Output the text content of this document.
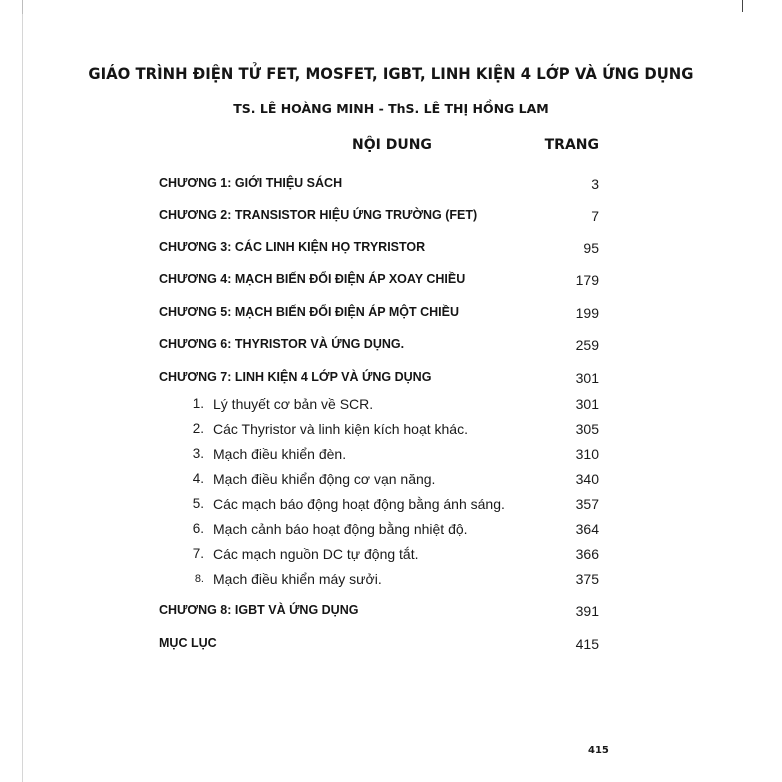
GIÁO TRÌNH ĐIỆN TỬ FET, MOSFET, IGBT, LINH KIỆN 4 LỚP VÀ ỨNG DỤNG
TS. LÊ HOÀNG MINH - ThS. LÊ THỊ HỒNG LAM
NỘI DUNG	TRANG
CHƯƠNG 1: GIỚI THIỆU SÁCH	3
CHƯƠNG 2: TRANSISTOR HIỆU ỨNG TRƯỜNG (FET)	7
CHƯƠNG 3: CÁC LINH KIỆN HỌ TRYRISTOR	95
CHƯƠNG 4: MẠCH BIẾN ĐỔI ĐIỆN ÁP XOAY CHIỀU	179
CHƯƠNG 5: MẠCH BIẾN ĐỔI ĐIỆN ÁP MỘT CHIỀU	199
CHƯƠNG 6: THYRISTOR VÀ ỨNG DỤNG.	259
CHƯƠNG 7: LINH KIỆN 4 LỚP VÀ ỨNG DỤNG	301
1. Lý thuyết cơ bản về SCR.	301
2. Các Thyristor và linh kiện kích hoạt khác.	305
3. Mạch điều khiển đèn.	310
4. Mạch điều khiển động cơ vạn năng.	340
5. Các mạch báo động hoạt động bằng ánh sáng.	357
6. Mạch cảnh báo hoạt động bằng nhiệt độ.	364
7. Các mạch nguồn DC tự động tắt.	366
8. Mạch điều khiển máy sưởi.	375
CHƯƠNG 8: IGBT VÀ ỨNG DỤNG	391
MỤC LỤC	415
415
